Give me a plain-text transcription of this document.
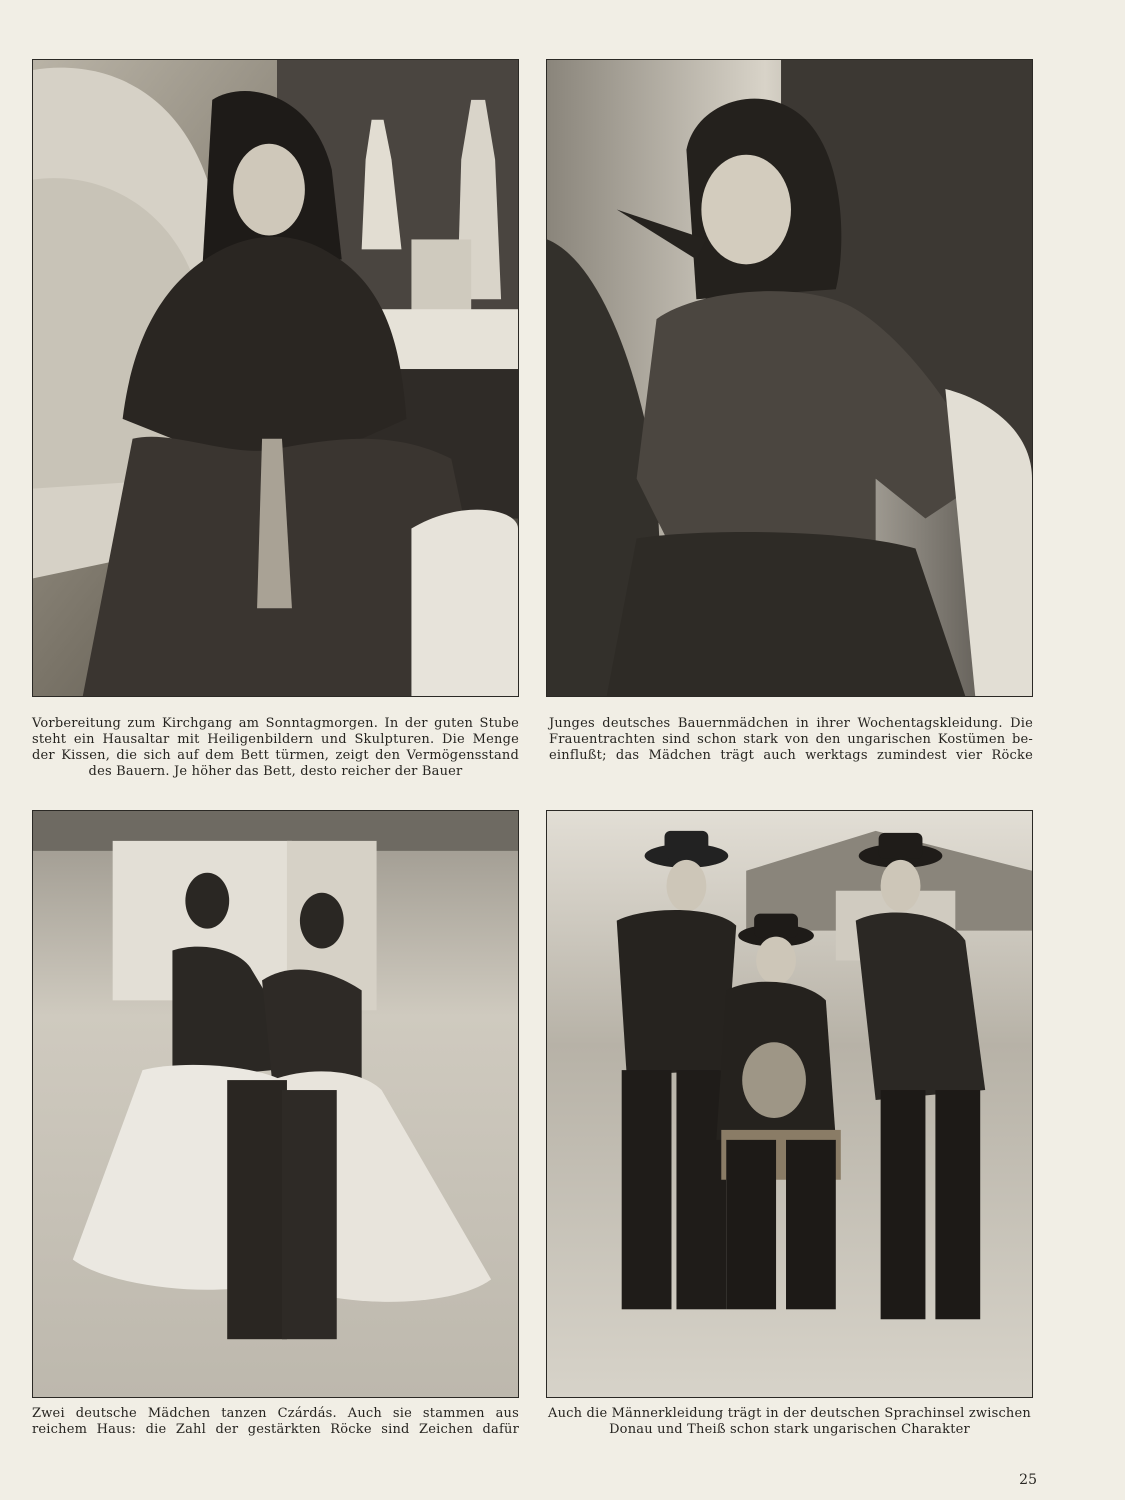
Vorbereitung zum Kirchgang am Sonntagmorgen. In der guten Stube

steht ein Hausaltar mit Heiligenbildern und Skulpturen. Die Menge

der Kissen, die sich auf dem Bett türmen, zeigt den Vermögensstand

des Bauern. Je höher das Bett, desto reicher der Bauer

Junges deutsches Bauernmädchen in ihrer Wochentagskleidung. Die

Frauentrachten sind schon stark von den ungarischen Kostümen be-

einflußt; das Mädchen trägt auch werktags zumindest vier Röcke

Zwei deutsche Mädchen tanzen Czárdás. Auch sie stammen aus

reichem Haus: die Zahl der gestärkten Röcke sind Zeichen dafür

Auch die Männerkleidung trägt in der deutschen Sprachinsel zwischen

Donau und Theiß schon stark ungarischen Charakter

25
